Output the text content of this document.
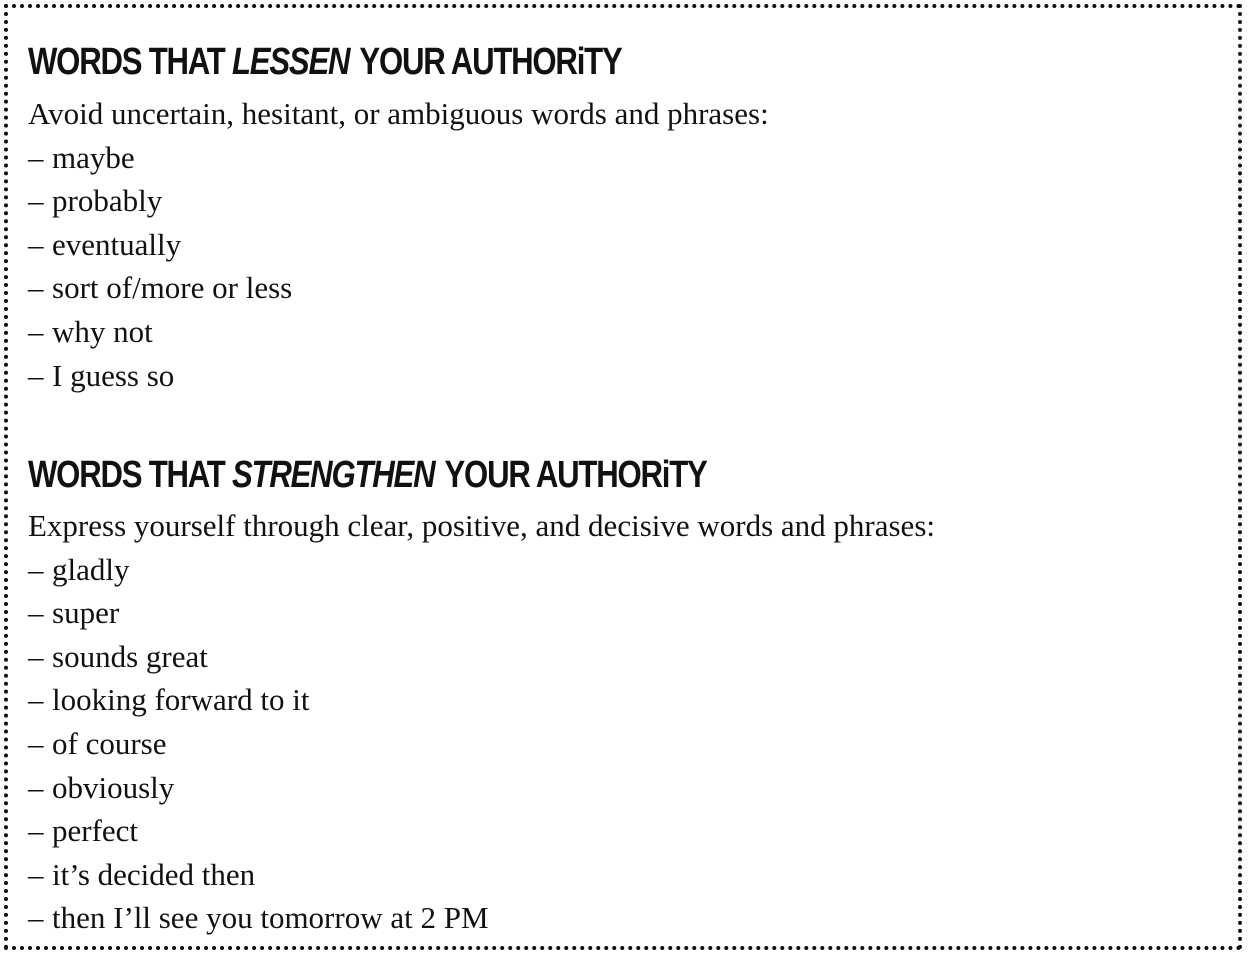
WORDS THAT LESSEN YOUR AUTHORiTY

Avoid uncertain, hesitant, or ambiguous words and phrases:

– maybe
– probably
– eventually
– sort of/more or less
– why not
– I guess so
WORDS THAT STRENGTHEN YOUR AUTHORiTY

Express yourself through clear, positive, and decisive words and phrases:

– gladly
– super
– sounds great
– looking forward to it
– of course
– obviously
– perfect
– it’s decided then
– then I’ll see you tomorrow at 2 PM
